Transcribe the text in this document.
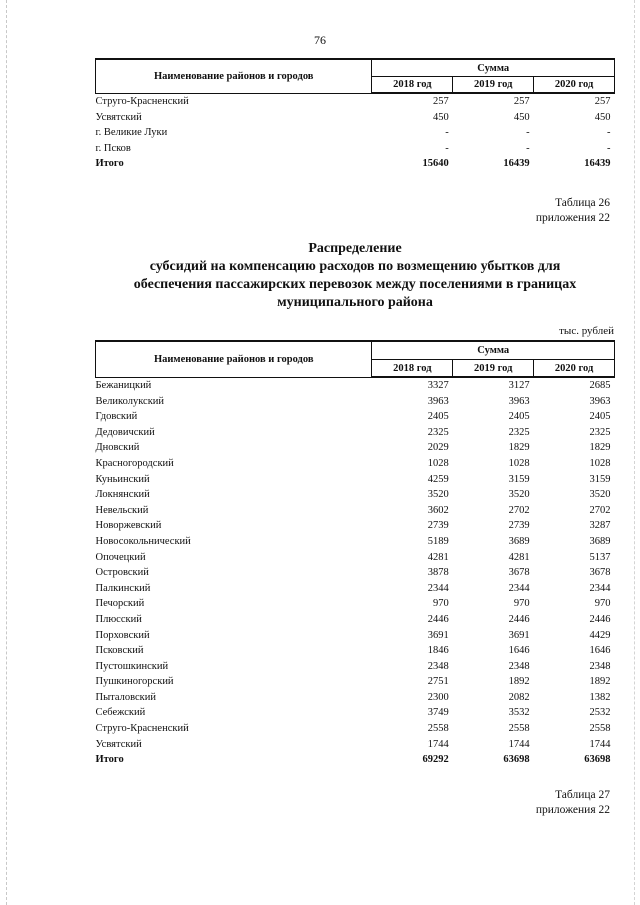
76
Наименование районов и городов	Сумма		
	2018 год	2019 год	2020 год
Струго-Красненский	257	257	257
Усвятский	450	450	450
г. Великие Луки	-	-	-
г. Псков	-	-	-
Итого	15640	16439	16439
Таблица 26
приложения 22
Распределение
субсидий на компенсацию расходов по возмещению убытков для
обеспечения пассажирских перевозок между поселениями в границах
муниципального района
тыс. рублей
Наименование районов и городов	Сумма		
	2018 год	2019 год	2020 год
Бежаницкий	3327	3127	2685
Великолукский	3963	3963	3963
Гдовский	2405	2405	2405
Дедовичский	2325	2325	2325
Дновский	2029	1829	1829
Красногородский	1028	1028	1028
Куньинский	4259	3159	3159
Локнянский	3520	3520	3520
Невельский	3602	2702	2702
Новоржевский	2739	2739	3287
Новосокольнический	5189	3689	3689
Опочецкий	4281	4281	5137
Островский	3878	3678	3678
Палкинский	2344	2344	2344
Печорский	970	970	970
Плюсский	2446	2446	2446
Порховский	3691	3691	4429
Псковский	1846	1646	1646
Пустошкинский	2348	2348	2348
Пушкиногорский	2751	1892	1892
Пыталовский	2300	2082	1382
Себежский	3749	3532	2532
Струго-Красненский	2558	2558	2558
Усвятский	1744	1744	1744
Итого	69292	63698	63698
Таблица 27
приложения 22
